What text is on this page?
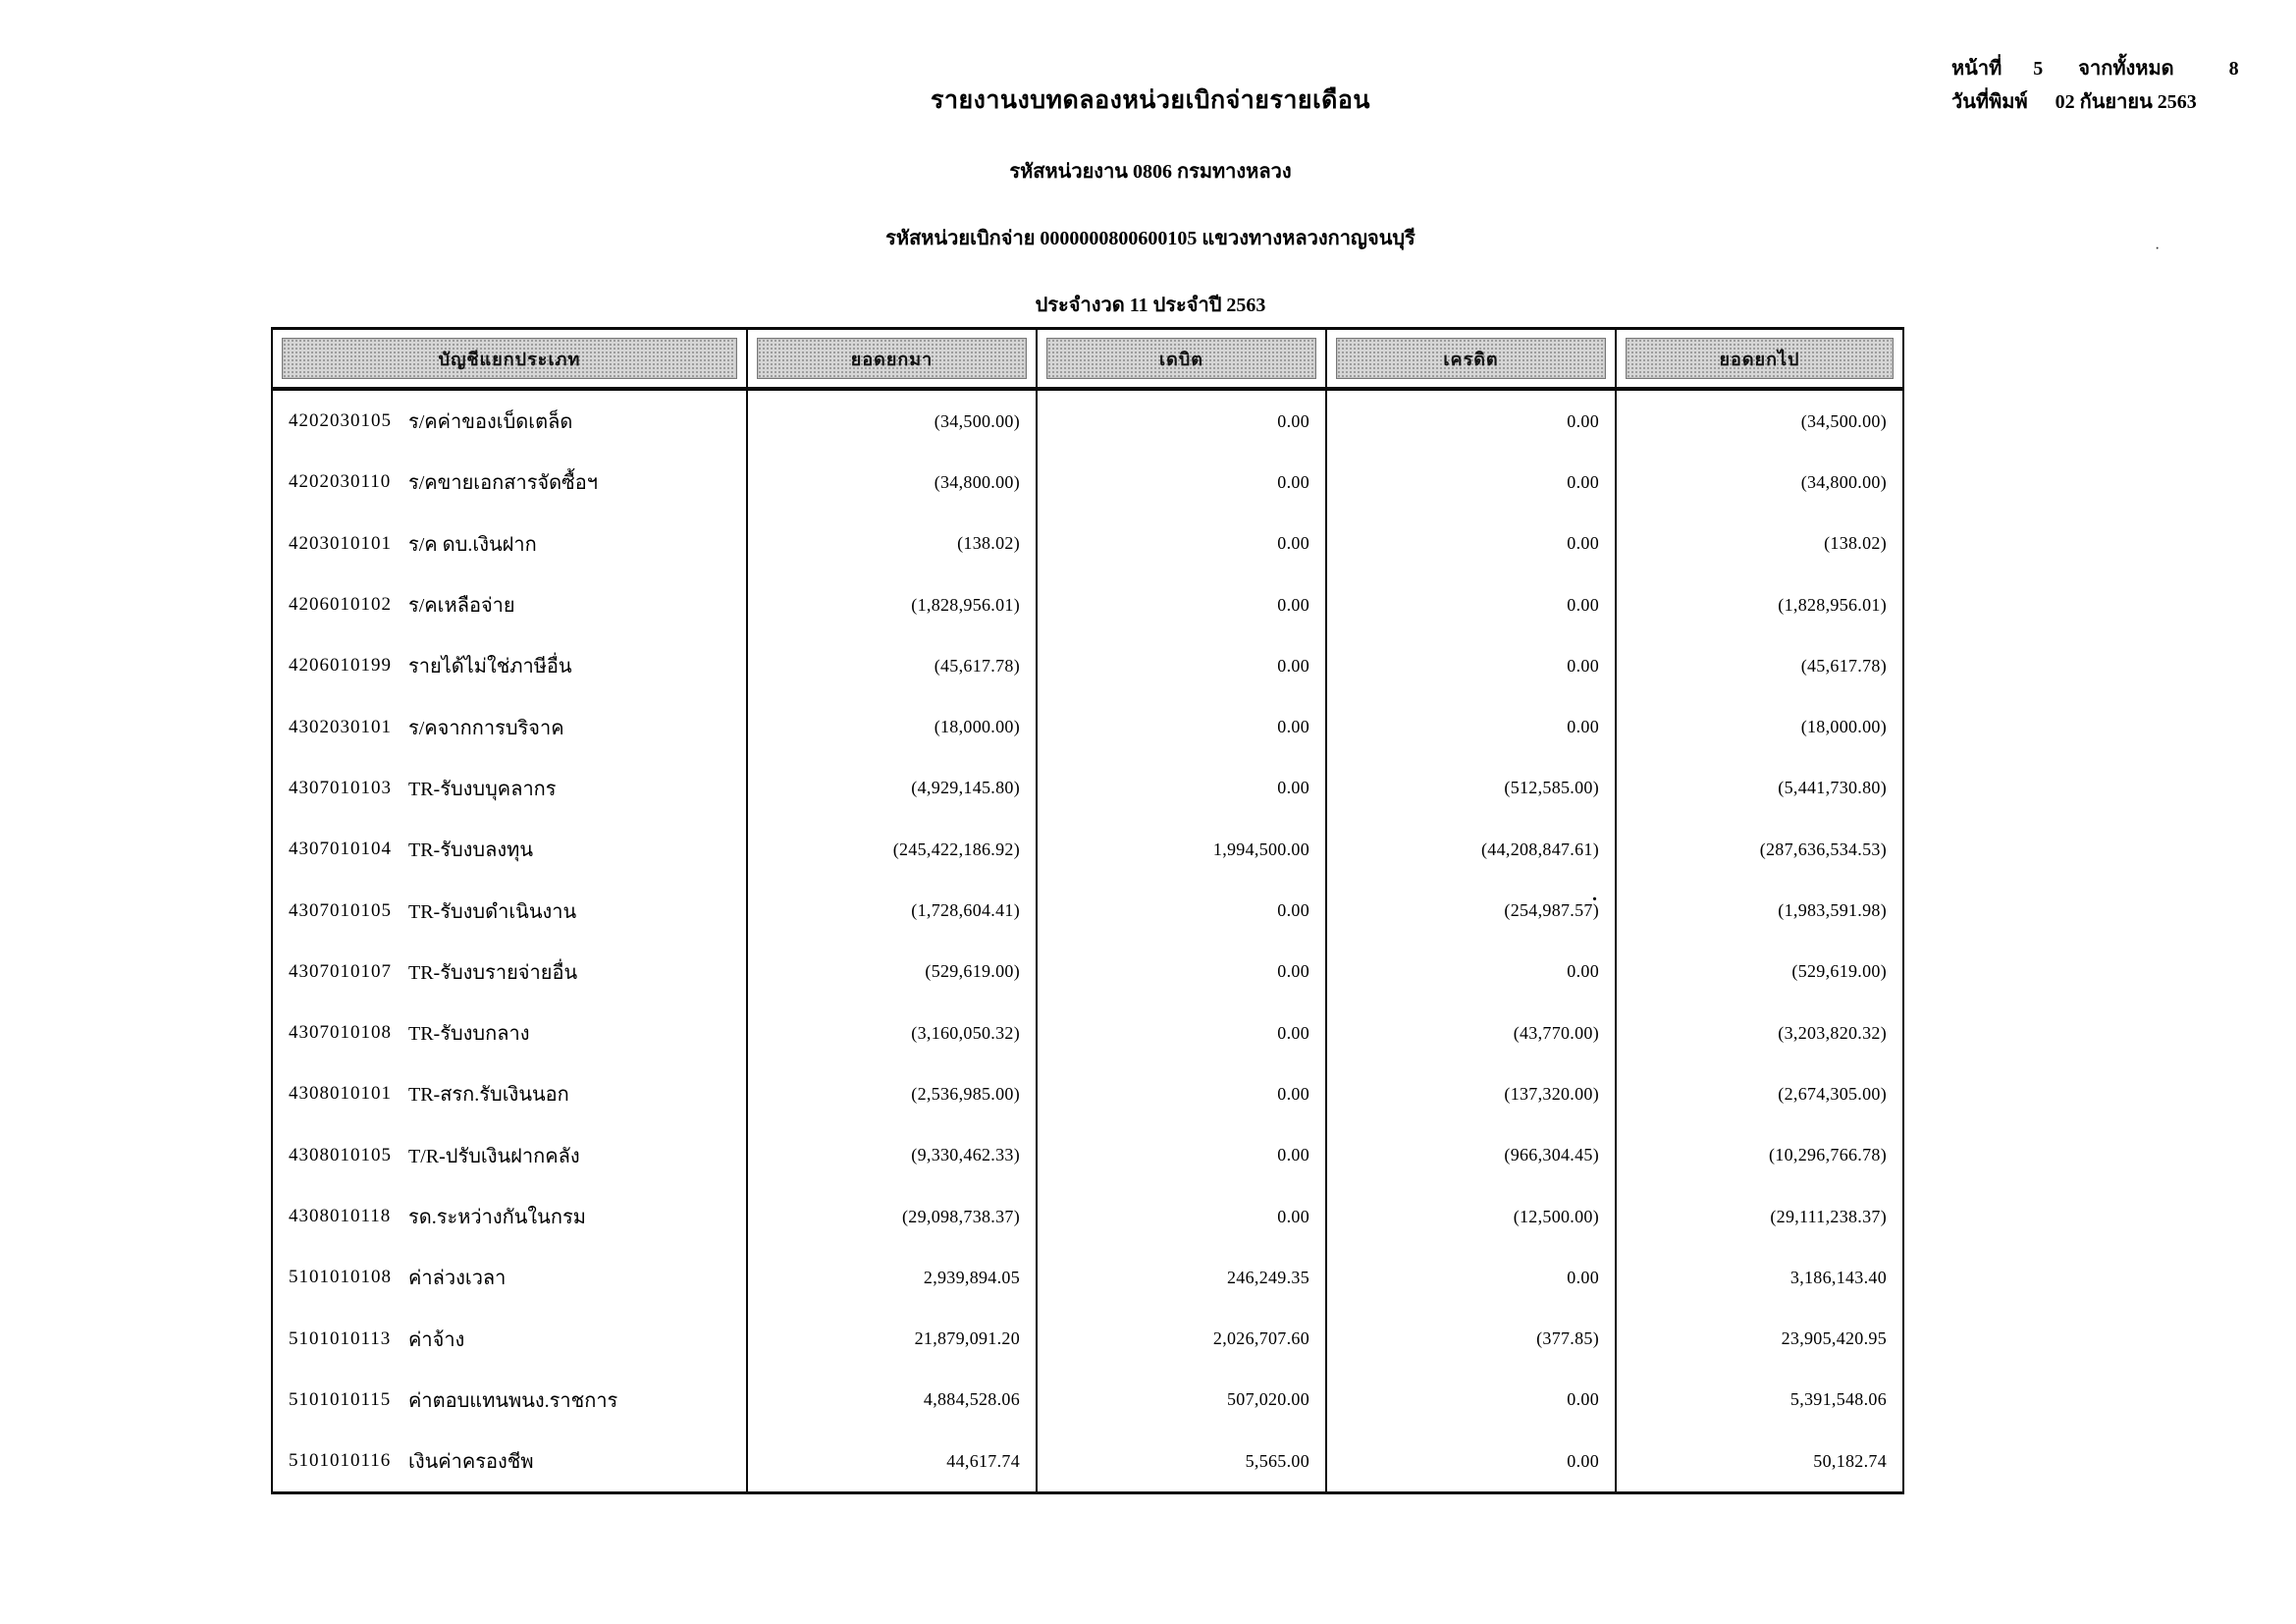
รายงานงบทดลองหน่วยเบิกจ่ายรายเดือน
รหัสหน่วยงาน 0806 กรมทางหลวง
รหัสหน่วยเบิกจ่าย 0000000800600105 แขวงทางหลวงกาญจนบุรี
ประจำงวด 11 ประจำปี 2563
หน้าที่ 5 จากทั้งหมด	8
วันที่พิมพ์ 02 กันยายน 2563
บัญชีแยกประเภท	ยอดยกมา	เดบิต	เครดิต	ยอดยกไป
4202030105 ร/คค่าของเบ็ดเตล็ด	(34,500.00)	0.00	0.00	(34,500.00)
4202030110 ร/คขายเอกสารจัดซื้อฯ	(34,800.00)	0.00	0.00	(34,800.00)
4203010101 ร/ค ดบ.เงินฝาก	(138.02)	0.00	0.00	(138.02)
4206010102 ร/คเหลือจ่าย	(1,828,956.01)	0.00	0.00	(1,828,956.01)
4206010199 รายได้ไม่ใช่ภาษีอื่น	(45,617.78)	0.00	0.00	(45,617.78)
4302030101 ร/คจากการบริจาค	(18,000.00)	0.00	0.00	(18,000.00)
4307010103 TR-รับงบบุคลากร	(4,929,145.80)	0.00	(512,585.00)	(5,441,730.80)
4307010104 TR-รับงบลงทุน	(245,422,186.92)	1,994,500.00	(44,208,847.61)	(287,636,534.53)
4307010105 TR-รับงบดำเนินงาน	(1,728,604.41)	0.00	(254,987.57)	(1,983,591.98)
4307010107 TR-รับงบรายจ่ายอื่น	(529,619.00)	0.00	0.00	(529,619.00)
4307010108 TR-รับงบกลาง	(3,160,050.32)	0.00	(43,770.00)	(3,203,820.32)
4308010101 TR-สรก.รับเงินนอก	(2,536,985.00)	0.00	(137,320.00)	(2,674,305.00)
4308010105 T/R-ปรับเงินฝากคลัง	(9,330,462.33)	0.00	(966,304.45)	(10,296,766.78)
4308010118 รด.ระหว่างกันในกรม	(29,098,738.37)	0.00	(12,500.00)	(29,111,238.37)
5101010108 ค่าล่วงเวลา	2,939,894.05	246,249.35	0.00	3,186,143.40
5101010113 ค่าจ้าง	21,879,091.20	2,026,707.60	(377.85)	23,905,420.95
5101010115 ค่าตอบแทนพนง.ราชการ	4,884,528.06	507,020.00	0.00	5,391,548.06
5101010116 เงินค่าครองชีพ	44,617.74	5,565.00	0.00	50,182.74
.
·
